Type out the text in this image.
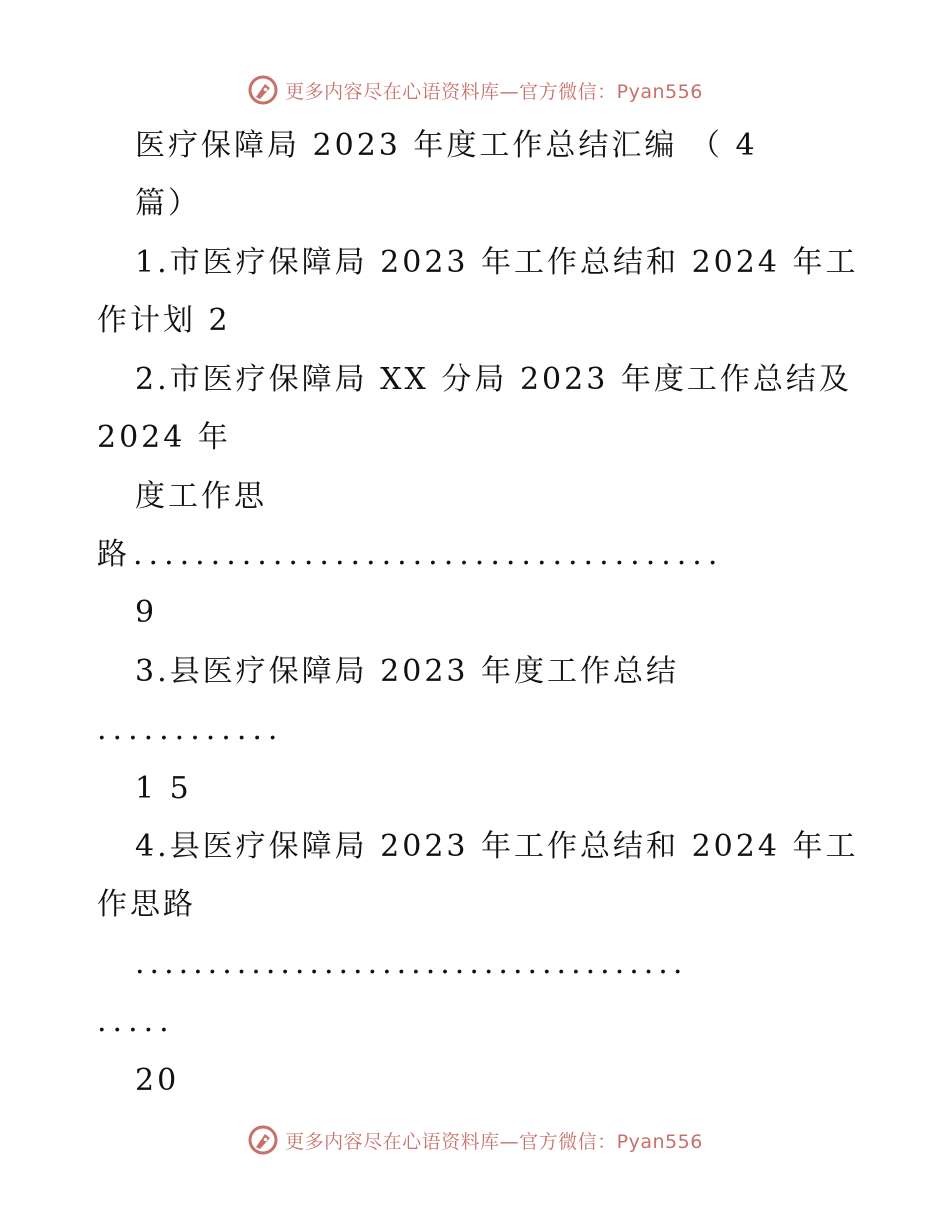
更多内容尽在心语资料库—官方微信：Pyan556
医疗保障局 2023 年度工作总结汇编 （ 4
篇）
1.市医疗保障局 2023 年工作总结和 2024 年工
作计划 2
2.市医疗保障局 XX 分局 2023 年度工作总结及
2024 年
度工作思
路......................................
9
3.县医疗保障局 2023 年度工作总结
............
1 5
4.县医疗保障局 2023 年工作总结和 2024 年工
作思路
......................................
.....
20
更多内容尽在心语资料库—官方微信：Pyan556
